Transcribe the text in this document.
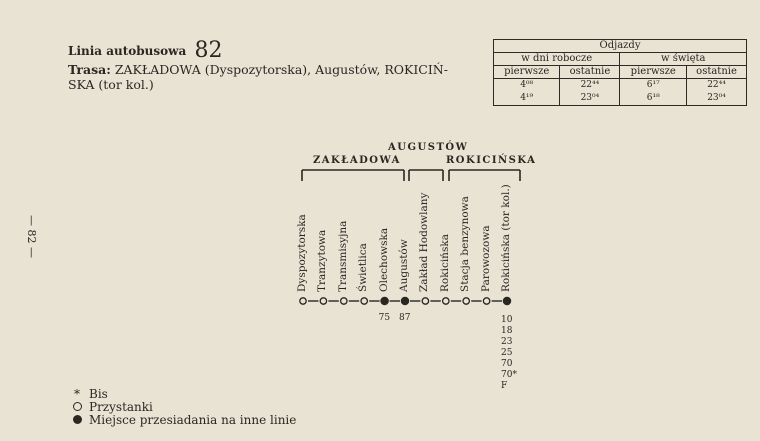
Linia autobusowa 82
Trasa: ZAKŁADOWA (Dyspozytorska), Augustów, ROKICIŃ-SKA (tor kol.)
Odjazdy			
w dni robocze		w święta	
pierwsze	ostatnie	pierwsze	ostatnie
4⁰⁸	22⁴⁴	6¹⁷	22⁴⁴
4¹⁹	23⁰⁴	6¹⁸	23⁰⁴
— 82 —
AUGUSTÓW
ZAKŁADOWA	ROKICIŃSKA
Dyspozytorska Tranzytowa Transmisyjna Świetlica Olechowska Augustów Zakład Hodowlany Rokicińska Stacja benzynowa Parowozowa Rokicińska (tor kol.)
75 87	10
18
23
25
70
70*
F
* Bis
Przystanki
Miejsce przesiadania na inne linie
